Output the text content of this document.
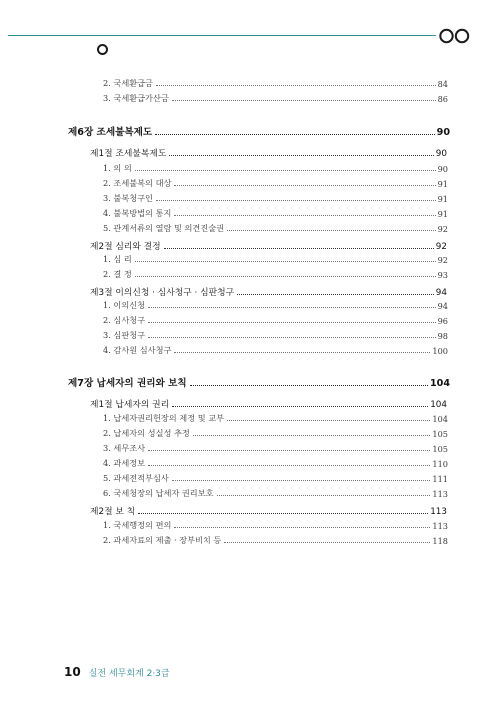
2. 국세환급금	84
3. 국세환급가산금	86
제6장 조세불복제도	90
제1절 조세불복제도	90
1. 의 의	90
2. 조세불복의 대상	91
3. 불복청구인	91
4. 불복방법의 통지	91
5. 관계서류의 열람 및 의견진술권	92
제2절 심리와 결정	92
1. 심 리	92
2. 결 정	93
제3절 이의신청 · 심사청구 · 심판청구	94
1. 이의신청	94
2. 심사청구	96
3. 심판청구	98
4. 감사원 심사청구	100
제7장 납세자의 권리와 보칙	104
제1절 납세자의 권리	104
1. 납세자권리헌장의 제정 및 교부	104
2. 납세자의 성실성 추정	105
3. 세무조사	105
4. 과세정보	110
5. 과세전적부심사	111
6. 국세청장의 납세자 권리보호	113
제2절 보 칙	113
1. 국세행정의 편의	113
2. 과세자료의 제출 · 장부비치 등	118
10 실전 세무회계 2·3급
